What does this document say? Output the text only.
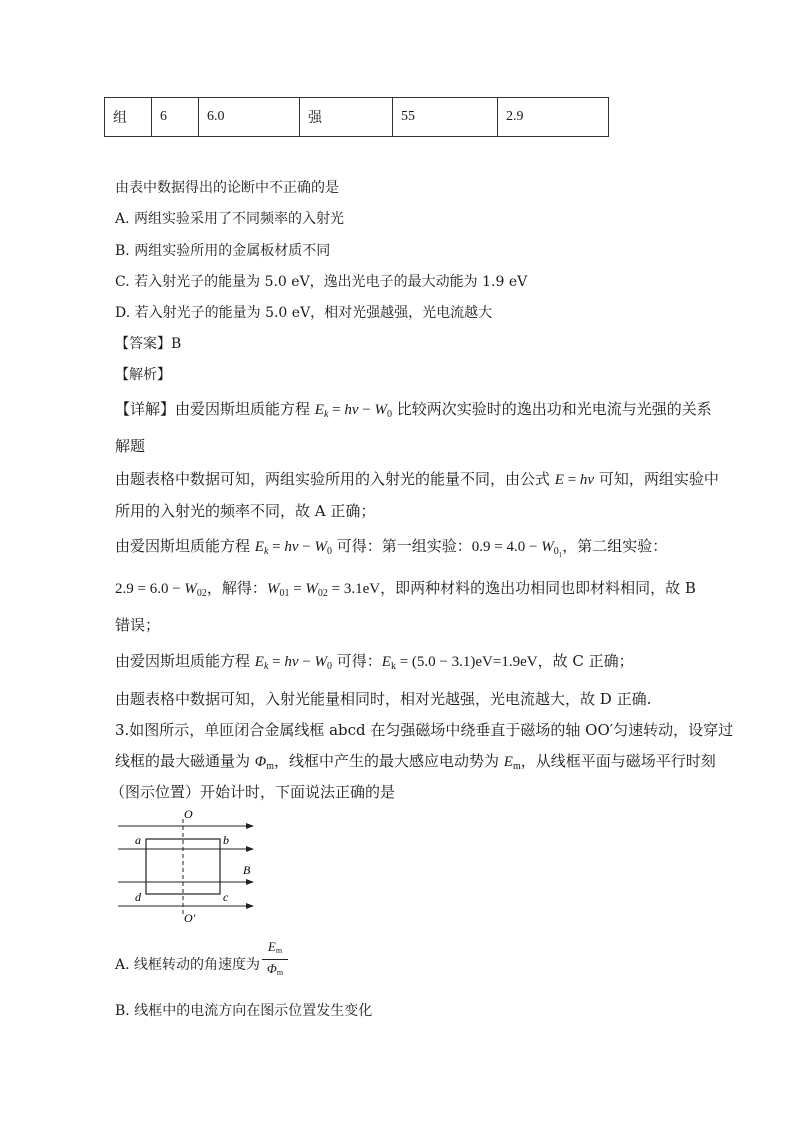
组	6	6.0	强	55	2.9
由表中数据得出的论断中不正确的是
A. 两组实验采用了不同频率的入射光
B. 两组实验所用的金属板材质不同
C. 若入射光子的能量为 5.0 eV，逸出光电子的最大动能为 1.9 eV
D. 若入射光子的能量为 5.0 eV，相对光强越强，光电流越大
【答案】B
【解析】
【详解】由爱因斯坦质能方程 $E_k = h\nu - W_0$ 比较两次实验时的逸出功和光电流与光强的关系
解题
由题表格中数据可知，两组实验所用的入射光的能量不同，由公式 E = hν 可知，两组实验中
所用的入射光的频率不同，故 A 正确；
由爱因斯坦质能方程 $E_k = h\nu - W_0$ 可得：第一组实验：$0.9 = 4.0 - W_{0_1}$，第二组实验：
$2.9 = 6.0 - W_{02}$，解得：$W_{01} = W_{02} = 3.1eV$，即两种材料的逸出功相同也即材料相同，故 B
错误；
由爱因斯坦质能方程 $E_k = h\nu - W_0$ 可得：$E_k = (5.0 - 3.1)eV=1.9eV$，故 C 正确；
由题表格中数据可知，入射光能量相同时，相对光越强，光电流越大，故 D 正确.
3.如图所示，单匝闭合金属线框 abcd 在匀强磁场中绕垂直于磁场的轴 OO′匀速转动，设穿过
线框的最大磁通量为 $\Phi_m$，线框中产生的最大感应电动势为 $E_m$，从线框平面与磁场平行时刻
（图示位置）开始计时，下面说法正确的是
O
O′
a	b
c
d
B
A. 线框转动的角速度为 $\frac{E_m}{\Phi_m}$
B. 线框中的电流方向在图示位置发生变化
